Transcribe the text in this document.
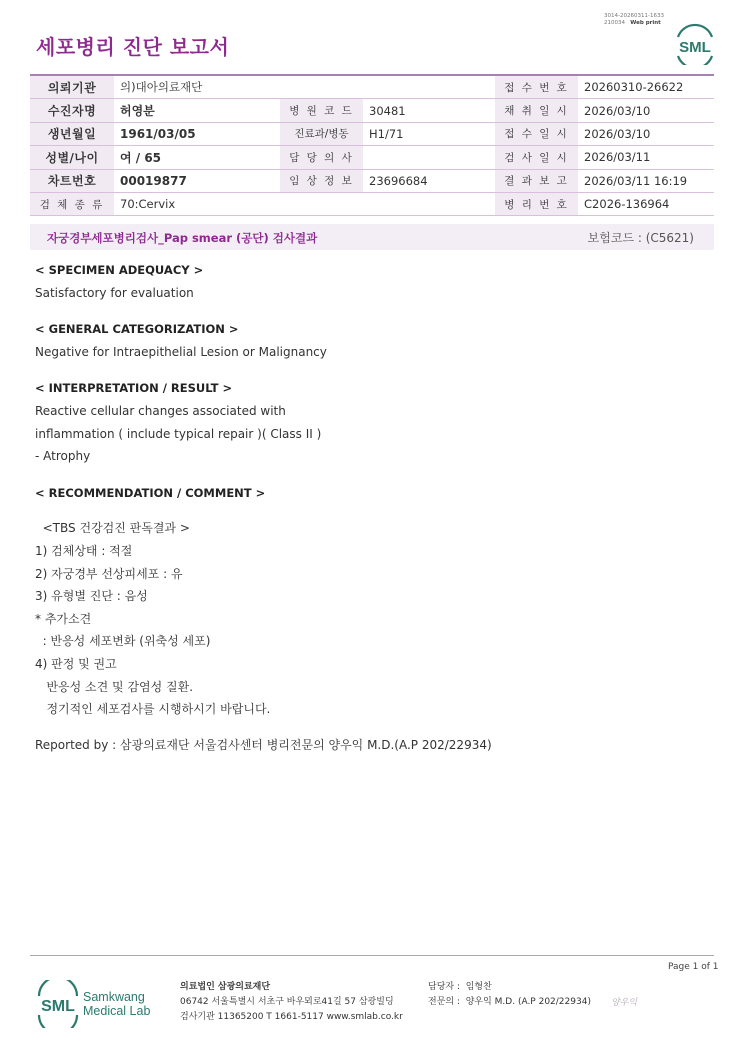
3014-20260311-1633
210034 Web print
세포병리 진단 보고서	SML
의뢰기관	의)대아의료재단			접 수 번 호	20260310-26622
수진자명	허영분	병 원 코 드	30481	채 취 일 시	2026/03/10
생년월일	1961/03/05	진료과/병동	H1/71	접 수 일 시	2026/03/10
성별/나이	여 / 65	담 당 의 사		검 사 일 시	2026/03/11
차트번호	00019877	임 상 정 보	23696684	결 과 보 고	2026/03/11 16:19
검 체 종 류	70:Cervix			병 리 번 호	C2026-136964
자궁경부세포병리검사_Pap smear (공단) 검사결과	보험코드 : (C5621)
< SPECIMEN ADEQUACY >
Satisfactory for evaluation
< GENERAL CATEGORIZATION >
Negative for Intraepithelial Lesion or Malignancy
< INTERPRETATION / RESULT >
Reactive cellular changes associated with
inflammation ( include typical repair )( Class II )
- Atrophy
< RECOMMENDATION / COMMENT >
<TBS 건강검진 판독결과 >
1) 검체상태 : 적절
2) 자궁경부 선상피세포 : 유
3) 유형별 진단 : 음성
* 추가소견
: 반응성 세포변화 (위축성 세포)
4) 판정 및 권고
반응성 소견 및 감염성 질환.
정기적인 세포검사를 시행하시기 바랍니다.
Reported by : 삼광의료재단 서울검사센터 병리전문의 양우익 M.D.(A.P 202/22934)
Page 1 of 1
SML
Samkwang
Medical Lab
의료법인 삼광의료재단
06742 서울특별시 서초구 바우뫼로41길 57 삼광빌딩
검사기관 11365200 T 1661-5117 www.smlab.co.kr
담당자 : 임형찬
전문의 : 양우익 M.D. (A.P 202/22934) 양우익
